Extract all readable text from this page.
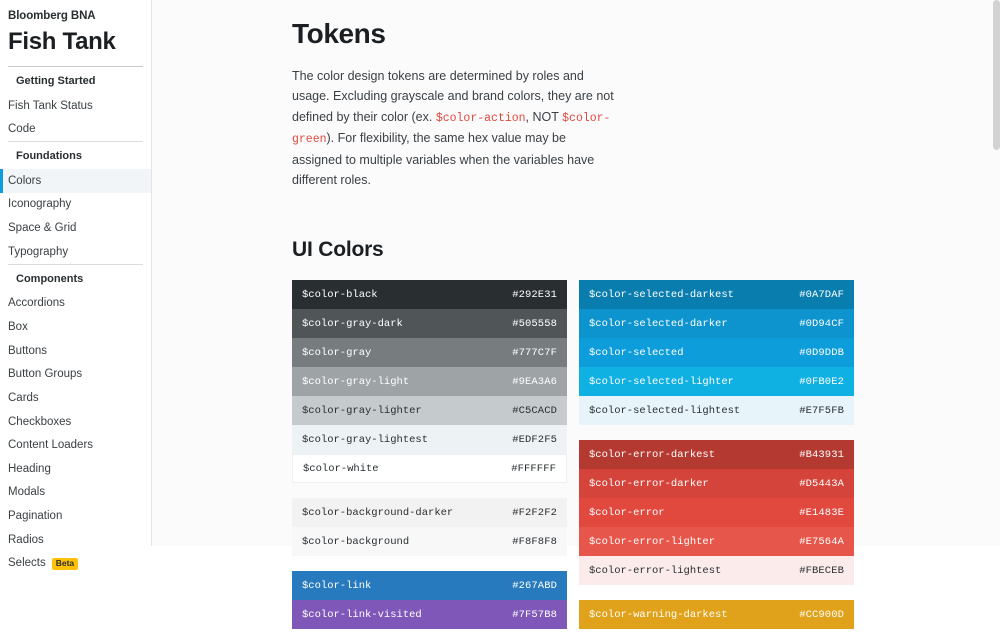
Bloomberg BNA
Fish Tank
Getting Started
Fish Tank Status
Code
Foundations
Colors
Iconography
Space & Grid
Typography
Components
Accordions
Box
Buttons
Button Groups
Cards
Checkboxes
Content Loaders
Heading
Modals
Pagination
Radios
Selects	Beta
Tokens

The color design tokens are determined by roles and usage. Excluding grayscale and brand colors, they are not defined by their color (ex. $color-action, NOT $color-green). For flexibility, the same hex value may be assigned to multiple variables when the variables have different roles.

UI Colors
$color-black	#292E31
$color-gray-dark	#505558
$color-gray	#777C7F
$color-gray-light	#9EA3A6
$color-gray-lighter	#C5CACD
$color-gray-lightest	#EDF2F5
$color-white	#FFFFFF
$color-background-darker	#F2F2F2
$color-background	#F8F8F8
$color-link	#267ABD
$color-link-visited	#7F57B8
$color-selected-darkest	#0A7DAF
$color-selected-darker	#0D94CF
$color-selected	#0D9DDB
$color-selected-lighter	#0FB0E2
$color-selected-lightest	#E7F5FB
$color-error-darkest	#B43931
$color-error-darker	#D5443A
$color-error	#E1483E
$color-error-lighter	#E7564A
$color-error-lightest	#FBECEB
$color-warning-darkest	#CC900D
